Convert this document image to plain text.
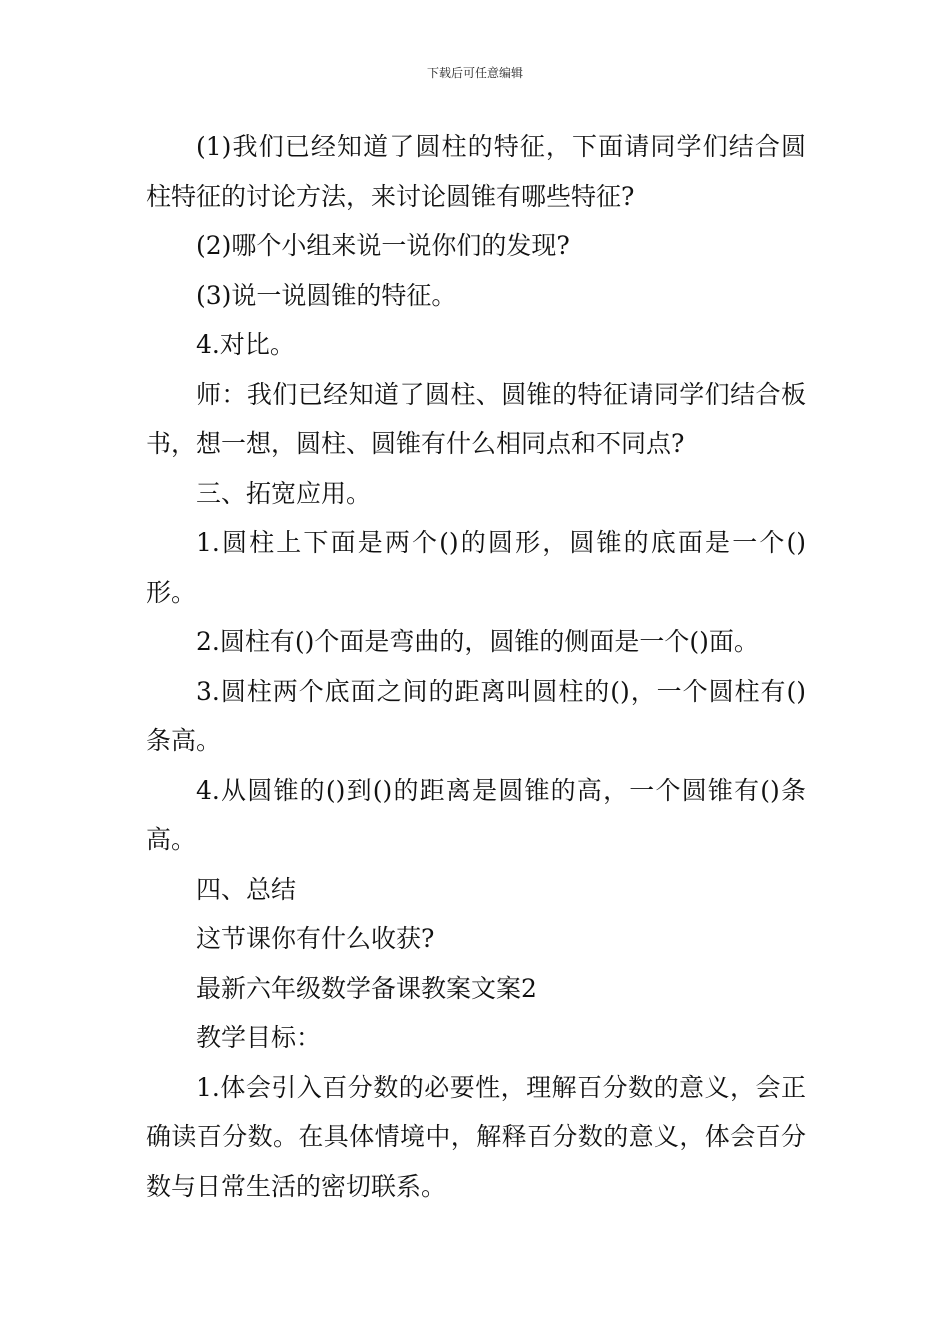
下载后可任意编辑

(1)我们已经知道了圆柱的特征，下面请同学们结合圆柱特征的讨论方法，来讨论圆锥有哪些特征?

(2)哪个小组来说一说你们的发现?

(3)说一说圆锥的特征。

4.对比。

师：我们已经知道了圆柱、圆锥的特征请同学们结合板书，想一想，圆柱、圆锥有什么相同点和不同点?

三、拓宽应用。

1.圆柱上下面是两个()的圆形，圆锥的底面是一个()形。

2.圆柱有()个面是弯曲的，圆锥的侧面是一个()面。

3.圆柱两个底面之间的距离叫圆柱的()，一个圆柱有()条高。

4.从圆锥的()到()的距离是圆锥的高，一个圆锥有()条高。

四、总结

这节课你有什么收获?

最新六年级数学备课教案文案2

教学目标：

1.体会引入百分数的必要性，理解百分数的意义，会正确读百分数。在具体情境中，解释百分数的意义，体会百分数与日常生活的密切联系。
